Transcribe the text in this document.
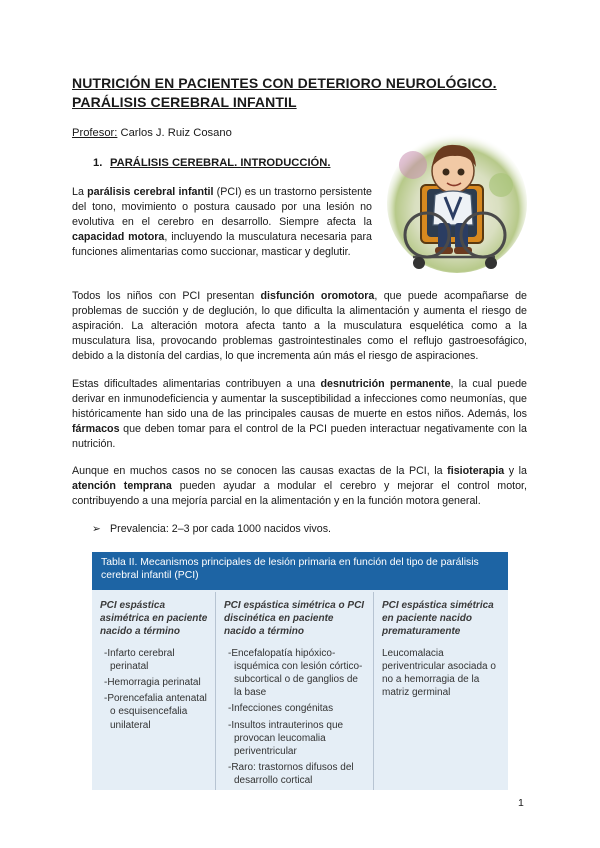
NUTRICIÓN EN PACIENTES CON DETERIORO NEUROLÓGICO.
PARÁLISIS CEREBRAL INFANTIL
Profesor: Carlos J. Ruiz Cosano
1. PARÁLISIS CEREBRAL. INTRODUCCIÓN.
La parálisis cerebral infantil (PCI) es un trastorno persistente del tono, movimiento o postura causado por una lesión no evolutiva en el cerebro en desarrollo. Siempre afecta la capacidad motora, incluyendo la musculatura necesaria para funciones alimentarias como succionar, masticar y deglutir.
Todos los niños con PCI presentan disfunción oromotora, que puede acompañarse de problemas de succión y de deglución, lo que dificulta la alimentación y aumenta el riesgo de aspiración. La alteración motora afecta tanto a la musculatura esquelética como a la musculatura lisa, provocando problemas gastrointestinales como el reflujo gastroesofágico, debido a la distonía del cardias, lo que incrementa aún más el riesgo de aspiraciones.
Estas dificultades alimentarias contribuyen a una desnutrición permanente, la cual puede derivar en inmunodeficiencia y aumentar la susceptibilidad a infecciones como neumonías, que históricamente han sido una de las principales causas de muerte en estos niños. Además, los fármacos que deben tomar para el control de la PCI pueden interactuar negativamente con la nutrición.
Aunque en muchos casos no se conocen las causas exactas de la PCI, la fisioterapia y la atención temprana pueden ayudar a modular el cerebro y mejorar el control motor, contribuyendo a una mejoría parcial en la alimentación y en la función motora general.
➢ Prevalencia: 2–3 por cada 1000 nacidos vivos.
Tabla II. Mecanismos principales de lesión primaria en función del tipo de parálisis
cerebral infantil (PCI)
PCI espástica asimétrica en paciente nacido a término
-Infarto cerebral perinatal
-Hemorragia perinatal
-Porencefalia antenatal o esquisencefalia unilateral
PCI espástica simétrica o PCI discinética en paciente nacido a término
-Encefalopatía hipóxico-isquémica con lesión córtico-subcortical o de ganglios de la base
-Infecciones congénitas
-Insultos intrauterinos que provocan leucomalia periventricular
-Raro: trastornos difusos del desarrollo cortical
PCI espástica simétrica en paciente nacido prematuramente
Leucomalacia periventricular asociada o no a hemorragia de la matriz germinal
1
